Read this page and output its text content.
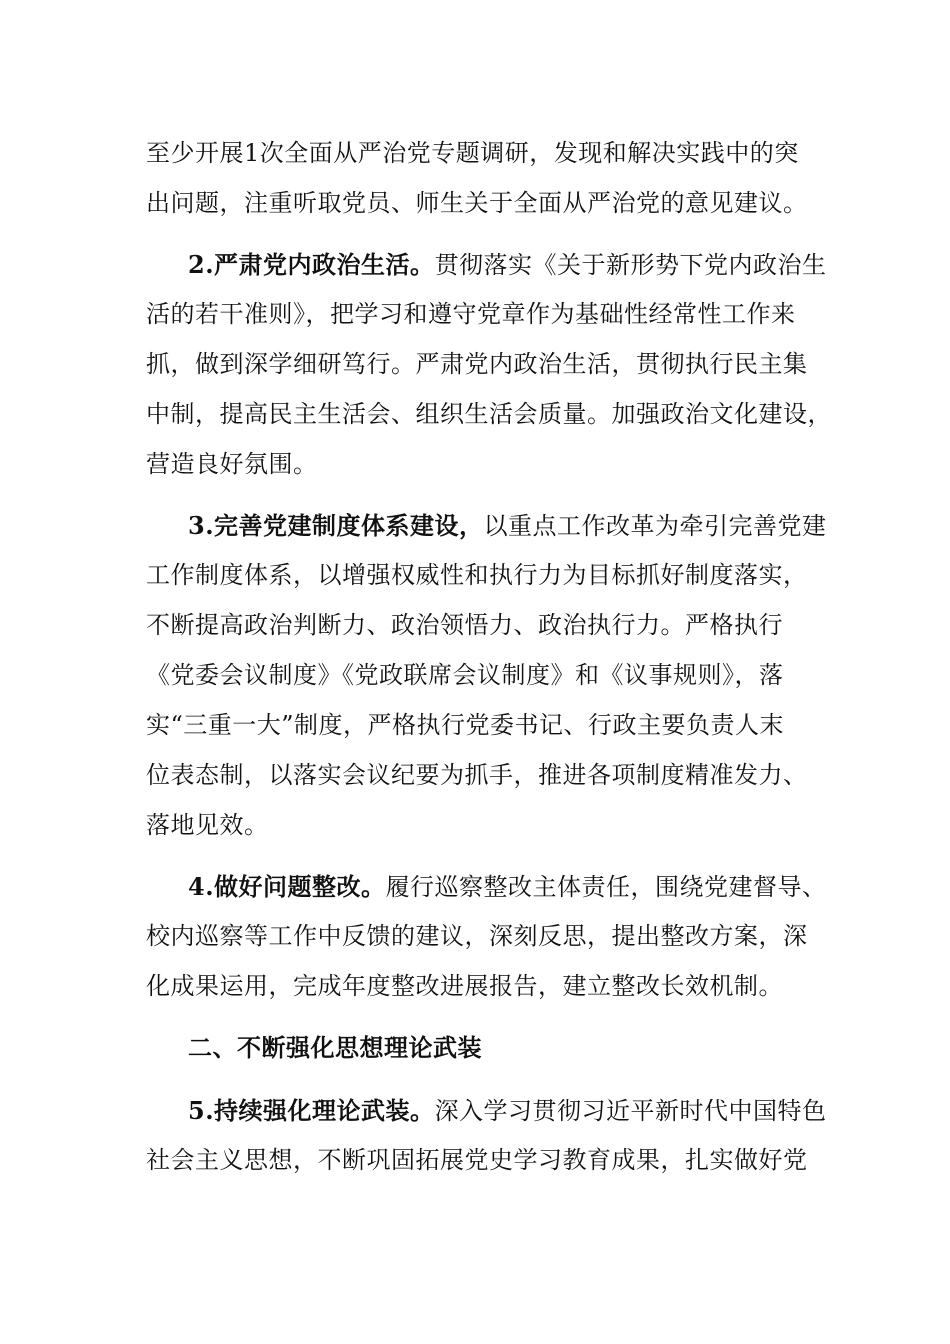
至少开展1次全面从严治党专题调研，发现和解决实践中的突
出问题，注重听取党员、师生关于全面从严治党的意见建议。
2.严肃党内政治生活。贯彻落实《关于新形势下党内政治生
活的若干准则》，把学习和遵守党章作为基础性经常性工作来
抓，做到深学细研笃行。严肃党内政治生活，贯彻执行民主集
中制，提高民主生活会、组织生活会质量。加强政治文化建设，
营造良好氛围。
3.完善党建制度体系建设，以重点工作改革为牵引完善党建
工作制度体系，以增强权威性和执行力为目标抓好制度落实，
不断提高政治判断力、政治领悟力、政治执行力。严格执行
《党委会议制度》《党政联席会议制度》和《议事规则》，落
实“三重一大”制度，严格执行党委书记、行政主要负责人末
位表态制，以落实会议纪要为抓手，推进各项制度精准发力、
落地见效。
4.做好问题整改。履行巡察整改主体责任，围绕党建督导、
校内巡察等工作中反馈的建议，深刻反思，提出整改方案，深
化成果运用，完成年度整改进展报告，建立整改长效机制。
二、不断强化思想理论武装
5.持续强化理论武装。深入学习贯彻习近平新时代中国特色
社会主义思想，不断巩固拓展党史学习教育成果，扎实做好党
